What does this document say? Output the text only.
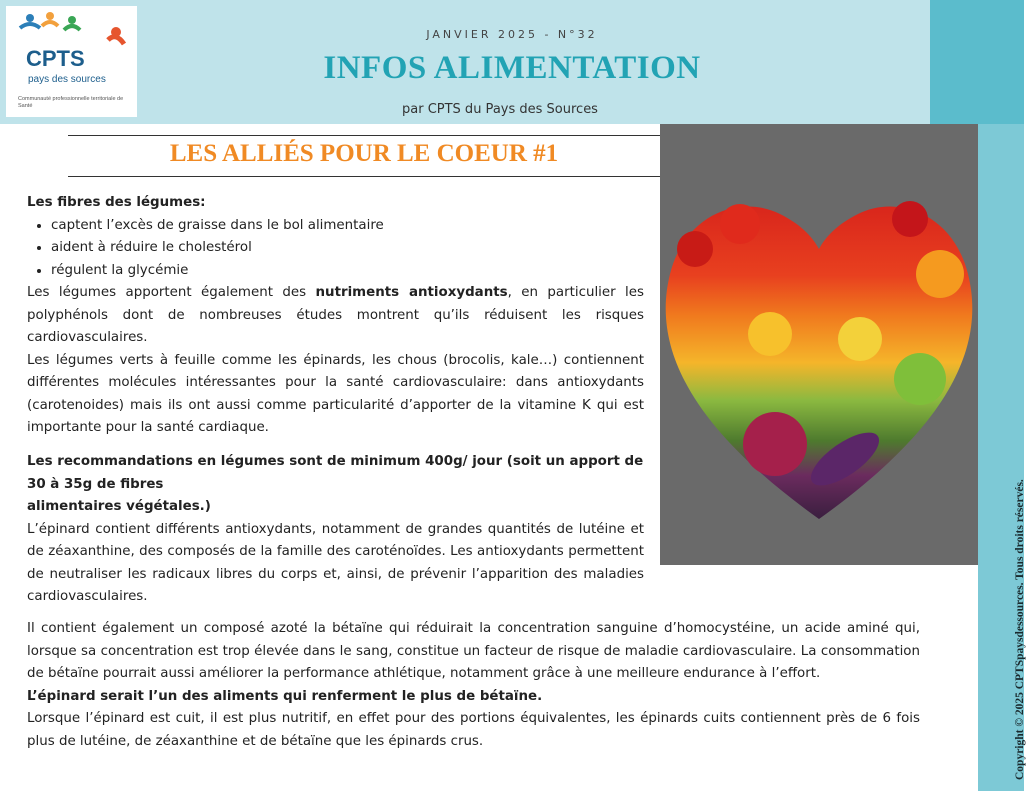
CPTS
pays des sources
Communauté professionnelle territoriale de Santé
JANVIER 2025 - N°32
INFOS ALIMENTATION
par CPTS du Pays des Sources
LES ALLIÉS POUR LE COEUR #1
Les fibres des légumes:
• captent l’excès de graisse dans le bol alimentaire
• aident à réduire le cholestérol
• régulent la glycémie

Les légumes apportent également des nutriments antioxydants, en particulier les polyphénols dont de nombreuses études montrent qu’ils réduisent les risques cardiovasculaires.

Les légumes verts à feuille comme les épinards, les chous (brocolis, kale…) contiennent différentes molécules intéressantes pour la santé cardiovasculaire: dans antioxydants (carotenoides) mais ils ont aussi comme particularité d’apporter de la vitamine K qui est importante pour la santé cardiaque.

Les recommandations en légumes sont de minimum 400g/ jour (soit un apport de 30 à 35g de fibres
alimentaires végétales.)

L’épinard contient différents antioxydants, notamment de grandes quantités de lutéine et de zéaxanthine, des composés de la famille des caroténoïdes. Les antioxydants permettent de neutraliser les radicaux libres du corps et, ainsi, de prévenir l’apparition des maladies cardiovasculaires.

Il contient également un composé azoté la bétaïne qui réduirait la concentration sanguine d’homocystéine, un acide aminé qui, lorsque sa concentration est trop élevée dans le sang, constitue un facteur de risque de maladie cardiovasculaire. La consommation de bétaïne pourrait aussi améliorer la performance athlétique, notamment grâce à une meilleure endurance à l’effort.

L’épinard serait l’un des aliments qui renferment le plus de bétaïne.

Lorsque l’épinard est cuit, il est plus nutritif, en effet pour des portions équivalentes, les épinards cuits contiennent près de 6 fois plus de lutéine, de zéaxanthine et de bétaïne que les épinards crus.	Copyright © 2025 CPTSpaysdessources. Tous droits réservés.
